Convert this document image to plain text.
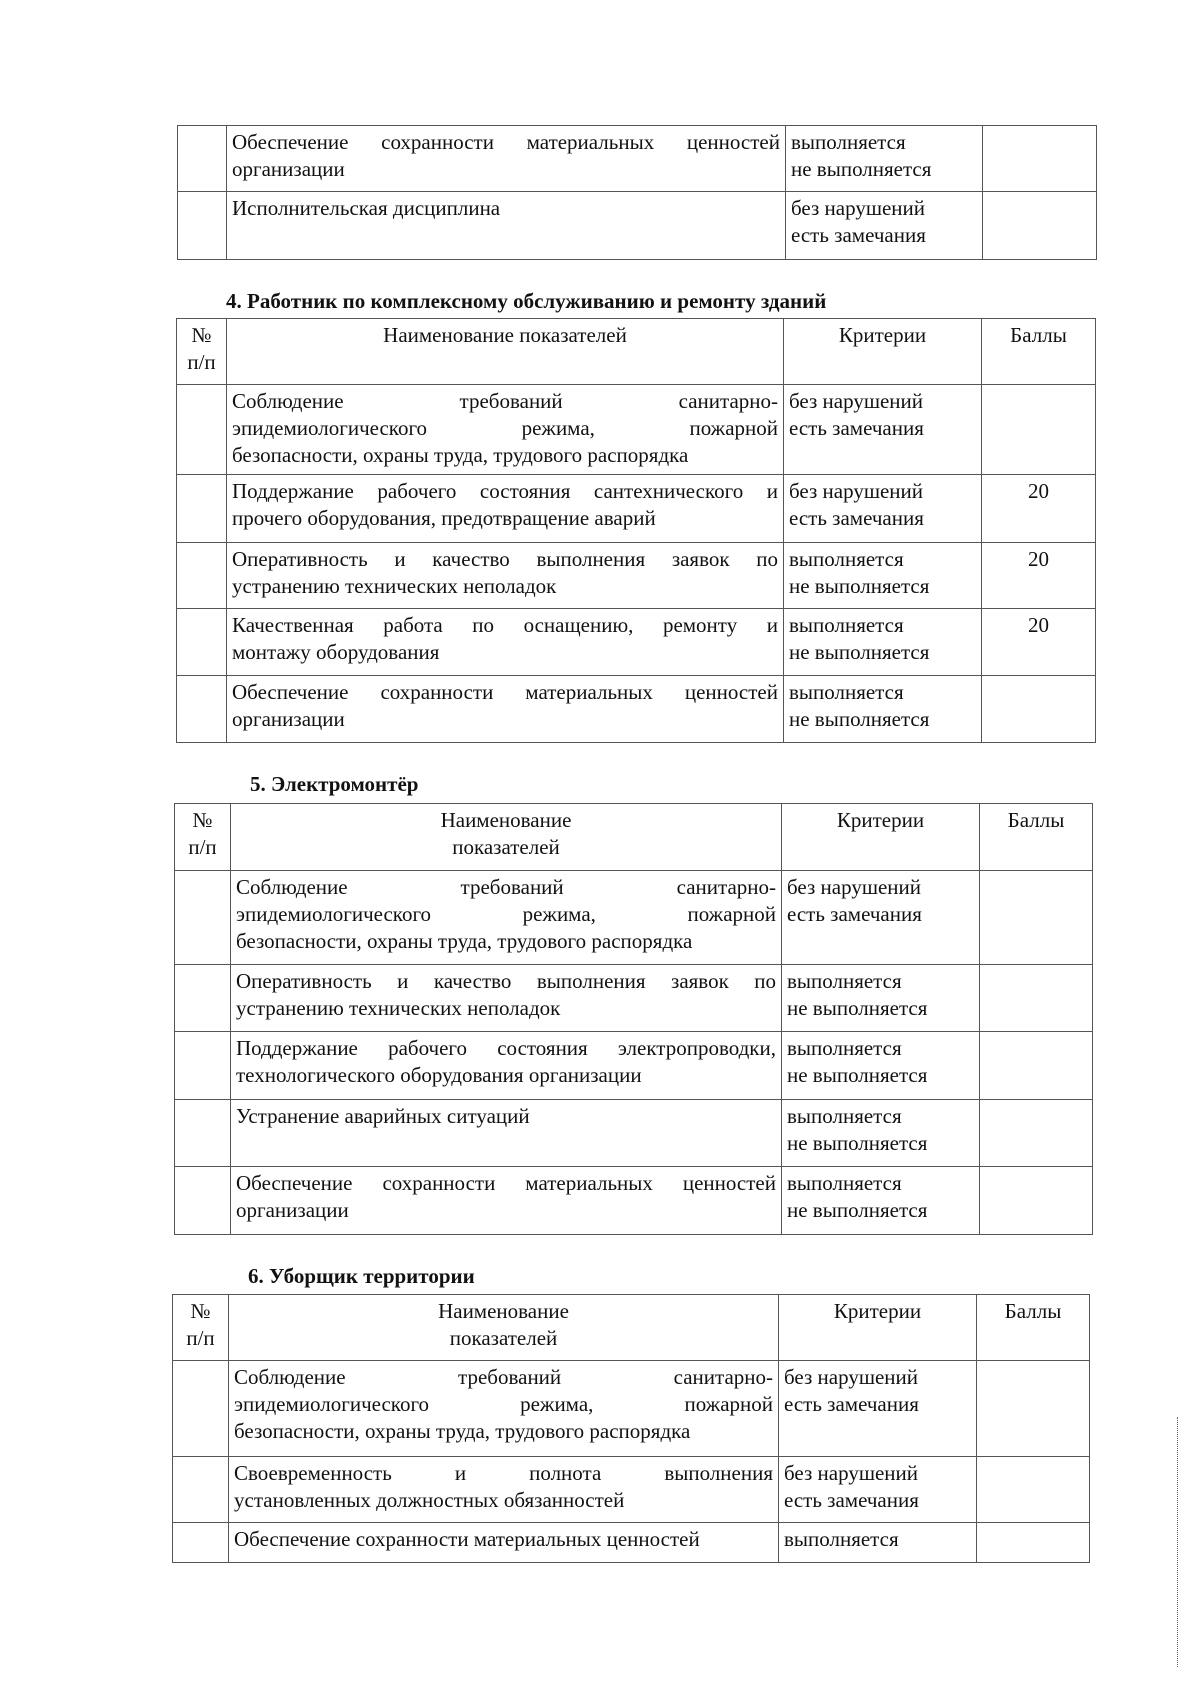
	Обеспечение сохранности материальных ценностей
организации	выполняется
не выполняется	

	Исполнительская дисциплина	без нарушений
есть замечания	

4. Работник по комплексному обслуживанию и ремонту зданий
№
п/п	Наименование показателей	Критерии	Баллы

	Соблюдение требований санитарно-
эпидемиологического режима, пожарной
безопасности, охраны труда, трудового распорядка	без нарушений
есть замечания	

	Поддержание рабочего состояния сантехнического и
прочего оборудования, предотвращение аварий	без нарушений
есть замечания	20

	Оперативность и качество выполнения заявок по
устранению технических неполадок	выполняется
не выполняется	20

	Качественная работа по оснащению, ремонту и
монтажу оборудования	выполняется
не выполняется	20

	Обеспечение сохранности материальных ценностей
организации	выполняется
не выполняется	

5. Электромонтёр
№
п/п	Наименование
показателей	Критерии	Баллы

	Соблюдение требований санитарно-
эпидемиологического режима, пожарной
безопасности, охраны труда, трудового распорядка	без нарушений
есть замечания	

	Оперативность и качество выполнения заявок по
устранению технических неполадок	выполняется
не выполняется	

	Поддержание рабочего состояния электропроводки,
технологического оборудования организации	выполняется
не выполняется	

	Устранение аварийных ситуаций	выполняется
не выполняется	

	Обеспечение сохранности материальных ценностей
организации	выполняется
не выполняется	

6. Уборщик территории
№
п/п	Наименование
показателей	Критерии	Баллы

	Соблюдение требований санитарно-
эпидемиологического режима, пожарной
безопасности, охраны труда, трудового распорядка	без нарушений
есть замечания	

	Своевременность и полнота выполнения
установленных должностных обязанностей	без нарушений
есть замечания	

	Обеспечение сохранности материальных ценностей	выполняется	
